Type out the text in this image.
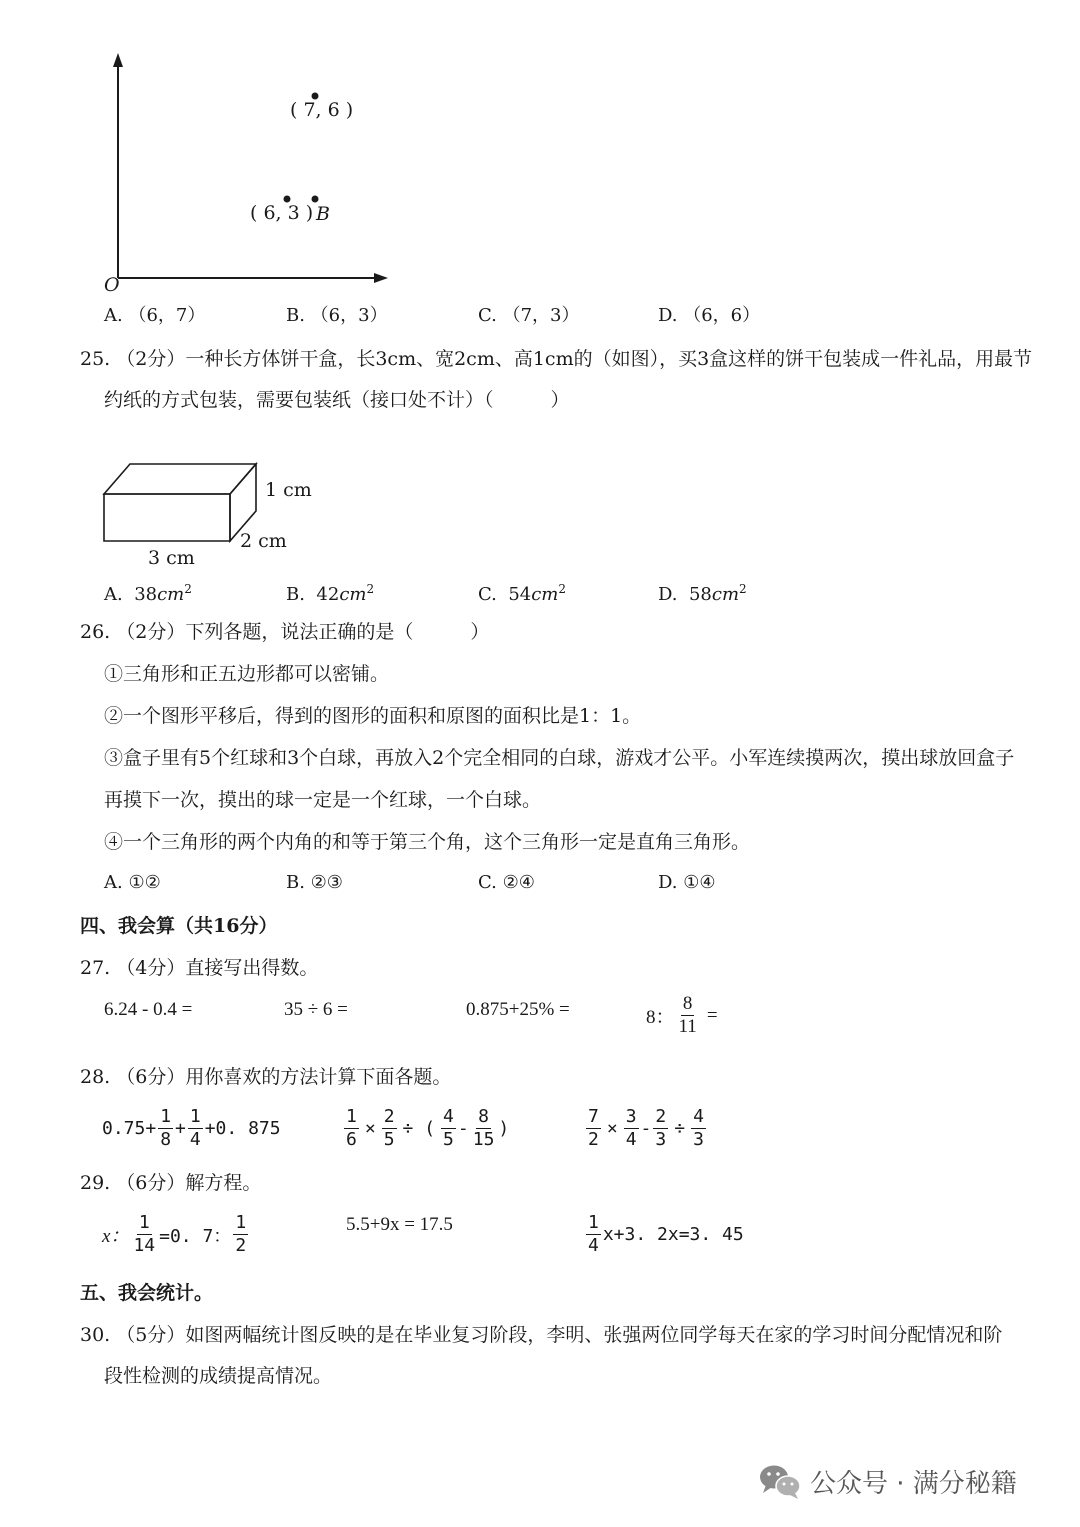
O
( 7, 6 )
( 6, 3 ) B
A. （6，7）	B. （6，3）	C. （7，3）	D. （6，6）
25. （2分）一种长方体饼干盒，长3cm、宽2cm、高1cm的（如图），买3盒这样的饼干包装成一件礼品，用最节
约纸的方式包装，需要包装纸（接口处不计）（　　　）
1 cm
2 cm
3 cm
A. $38cm^2$	B. $42cm^2$	C. $54cm^2$	D. $58cm^2$
26. （2分）下列各题，说法正确的是（　　　）
①三角形和正五边形都可以密铺。
②一个图形平移后，得到的图形的面积和原图的面积比是1：1。
③盒子里有5个红球和3个白球，再放入2个完全相同的白球，游戏才公平。小军连续摸两次，摸出球放回盒子
再摸下一次，摸出的球一定是一个红球，一个白球。
④一个三角形的两个内角的和等于第三个角，这个三角形一定是直角三角形。
A. ①②	B. ②③	C. ②④	D. ①④
四、我会算（共16分）
27. （4分）直接写出得数。
6.24 - 0.4 =	35 ÷ 6 =	0.875+25% =	8： $\frac{8}{11}$ =
28. （6分）用你喜欢的方法计算下面各题。
$0.75+ \frac{1}{8} + \frac{1}{4} +0$. 875	$\frac{1}{6} \times \frac{2}{5}$ ÷ ( $\frac{4}{5} - \frac{8}{15}$ )	$\frac{7}{2} \times \frac{3}{4} - \frac{2}{3} \div \frac{4}{3}$
29. （6分）解方程。
x： $\frac{1}{14} =0$. 7： $\frac{1}{2}$	5.5+9x = 17.5	$\frac{1}{4} x+3$. 2x=3. 45
五、我会统计。
30. （5分）如图两幅统计图反映的是在毕业复习阶段，李明、张强两位同学每天在家的学习时间分配情况和阶
段性检测的成绩提高情况。
公众号 · 满分秘籍
